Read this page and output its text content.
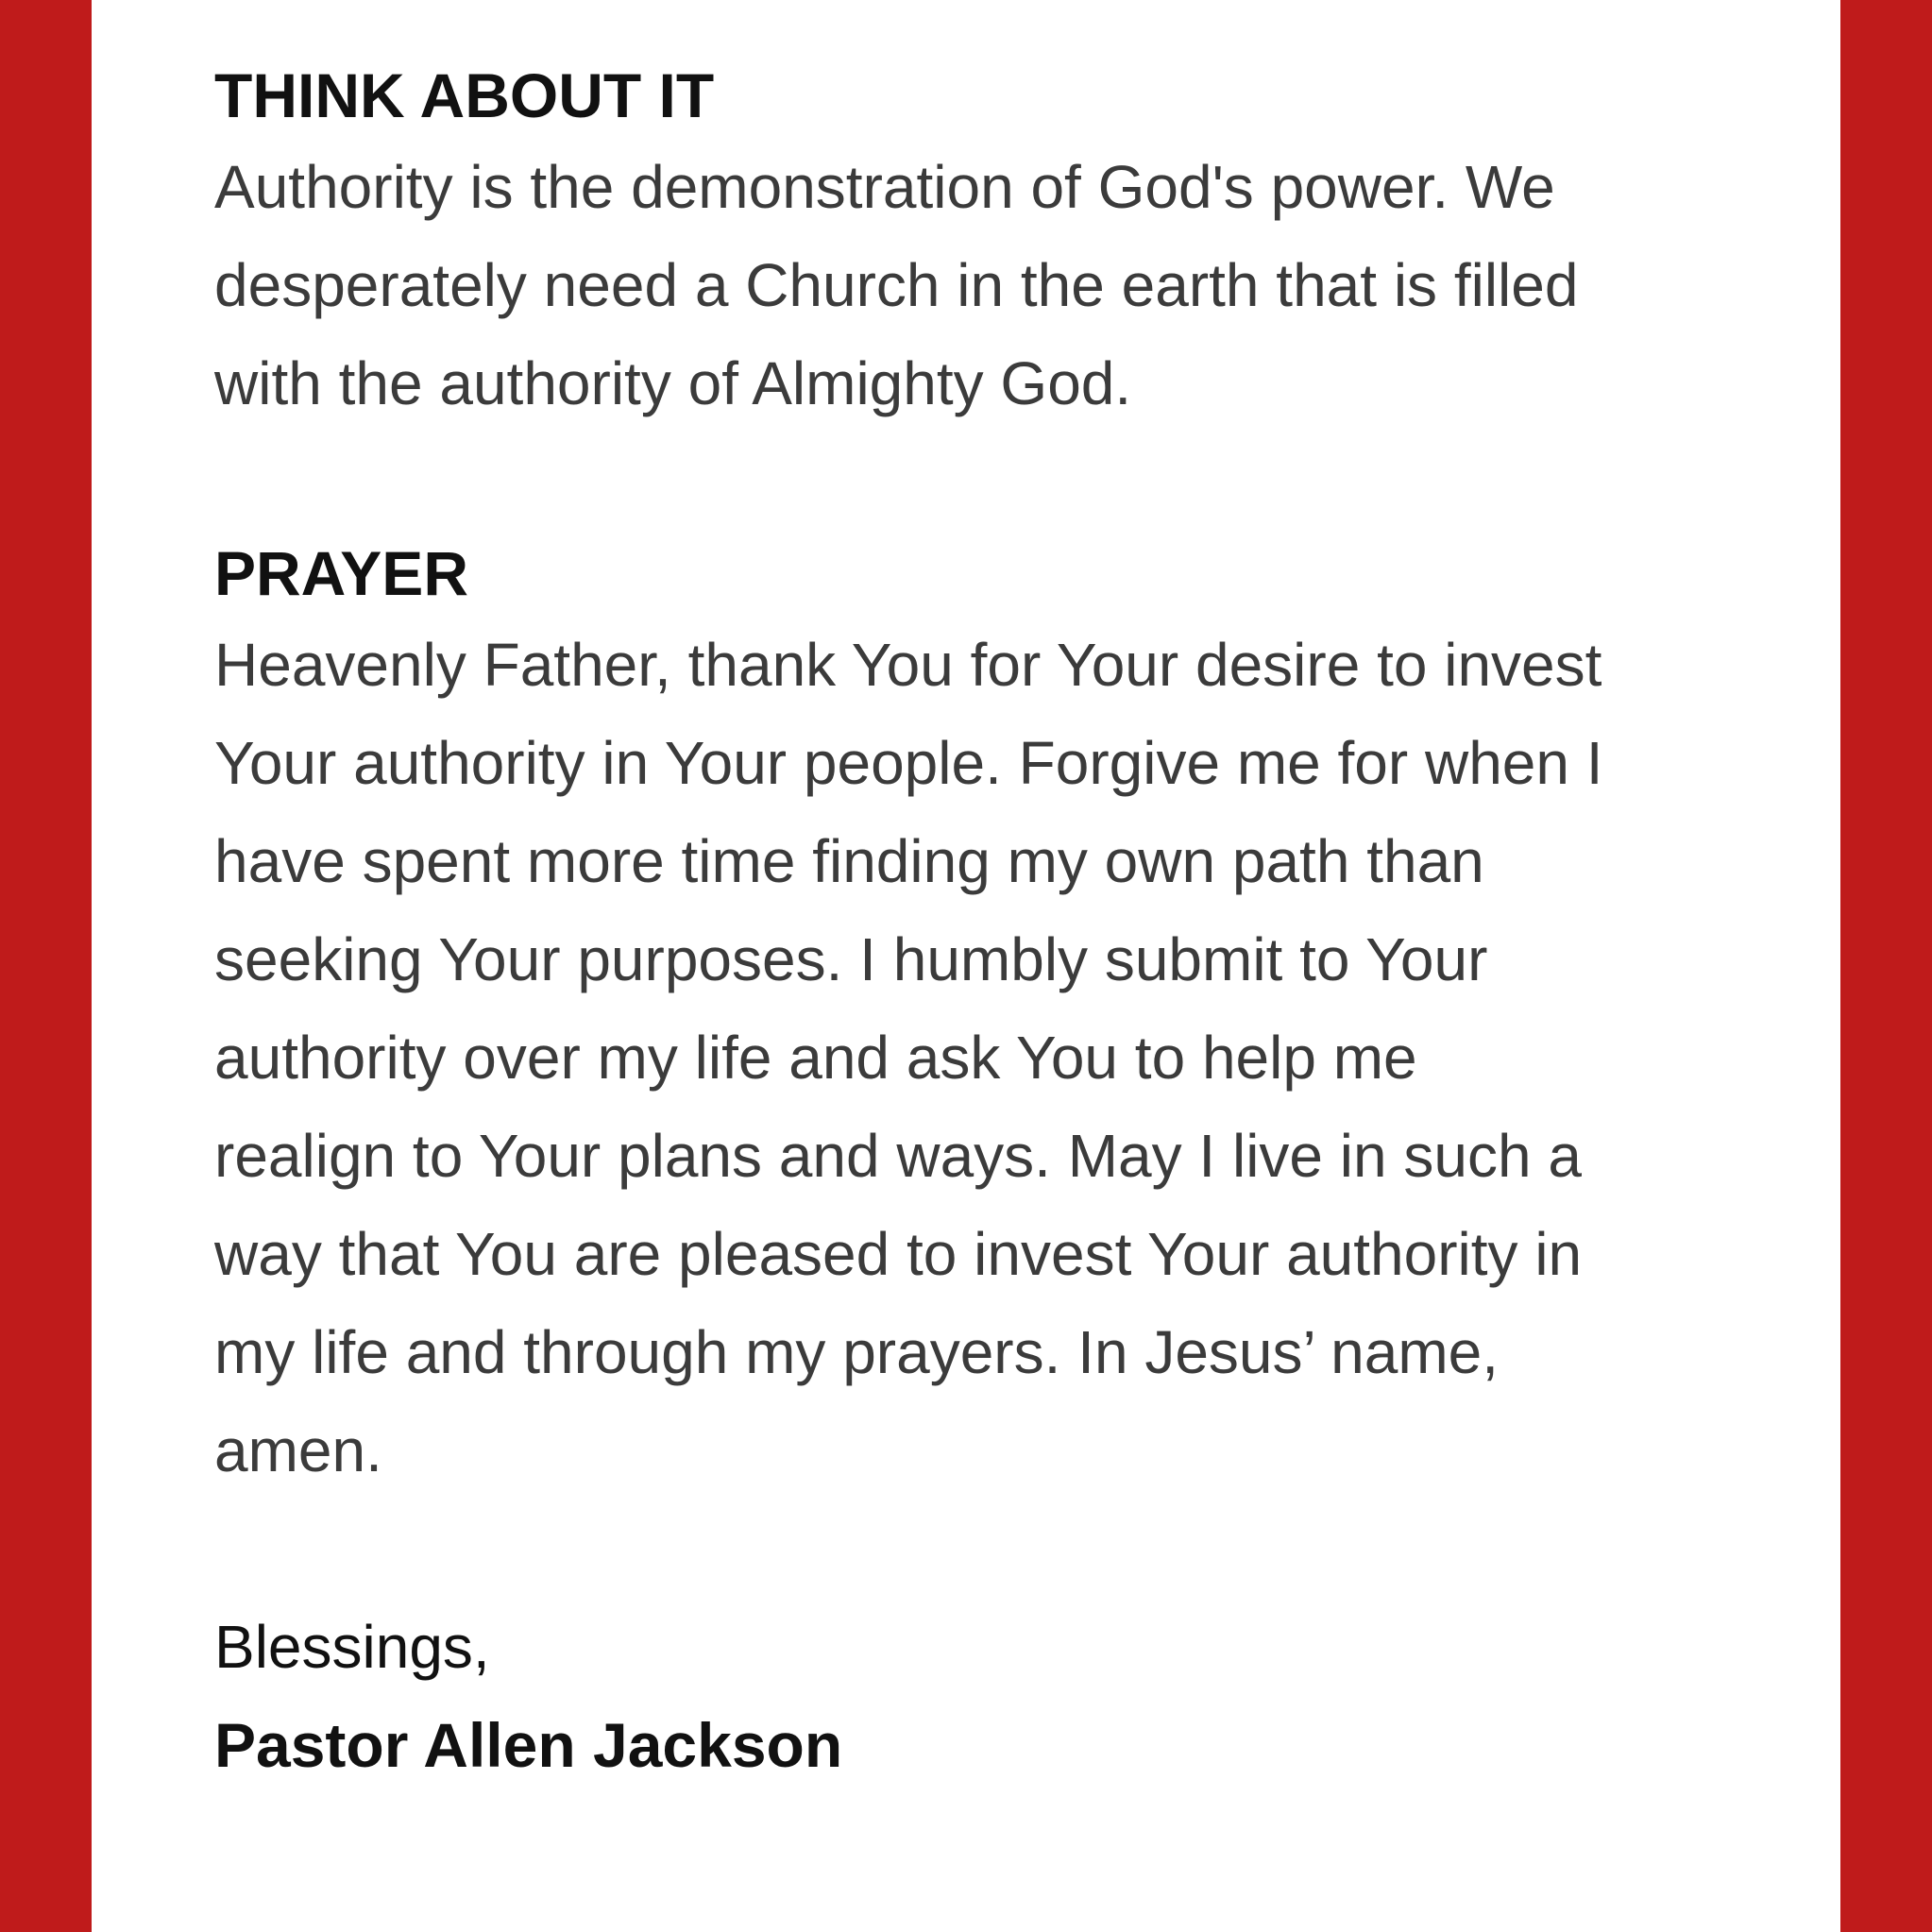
THINK ABOUT IT
Authority is the demonstration of God's power. We
desperately need a Church in the earth that is filled
with the authority of Almighty God.
PRAYER
Heavenly Father, thank You for Your desire to invest
Your authority in Your people. Forgive me for when I
have spent more time finding my own path than
seeking Your purposes. I humbly submit to Your
authority over my life and ask You to help me
realign to Your plans and ways. May I live in such a
way that You are pleased to invest Your authority in
my life and through my prayers. In Jesus’ name,
amen.

Blessings,

Pastor Allen Jackson
